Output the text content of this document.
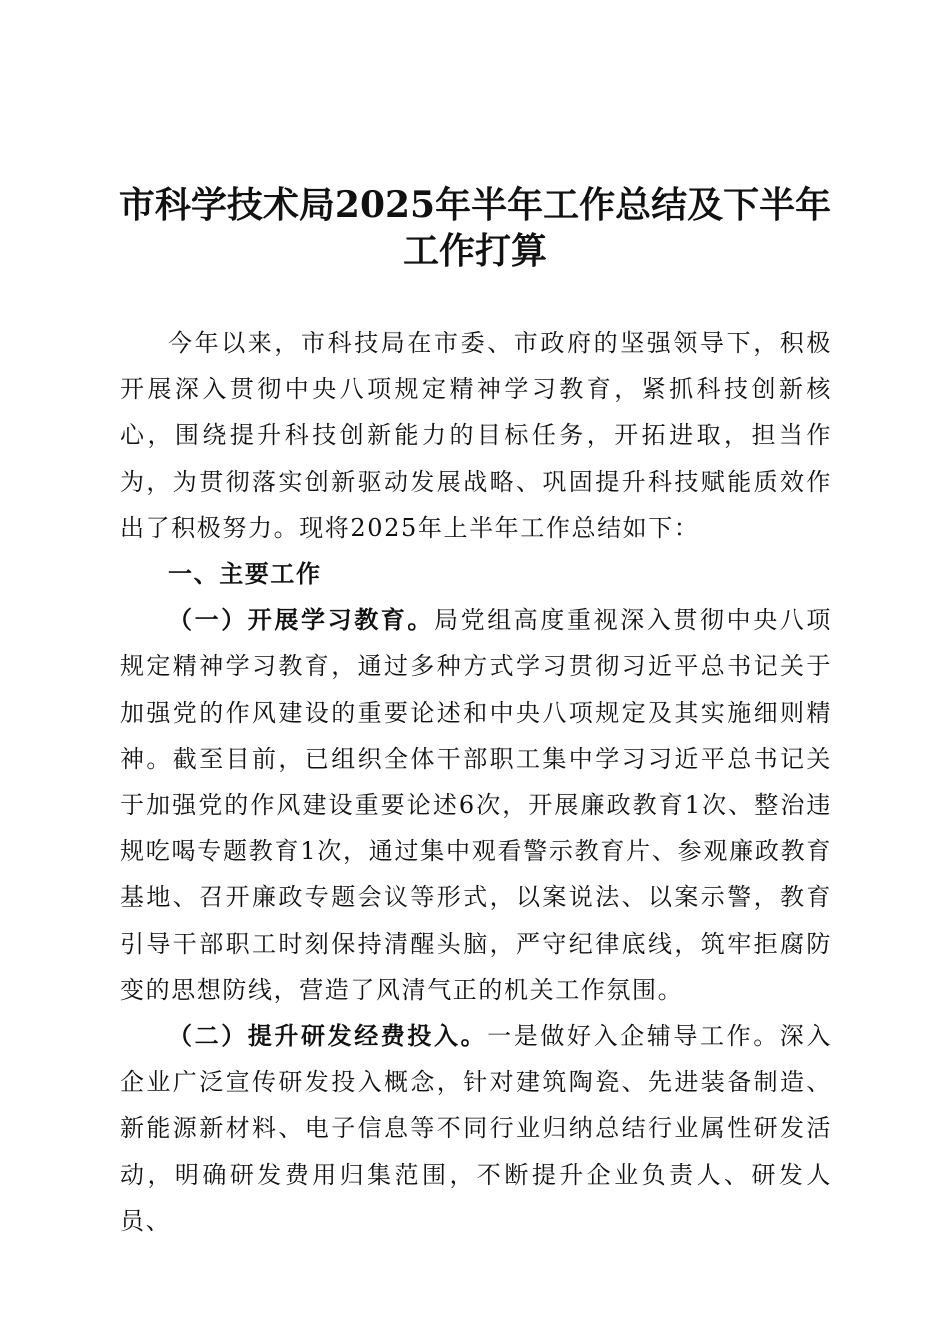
市科学技术局2025年半年工作总结及下半年
工作打算

今年以来，市科技局在市委、市政府的坚强领导下，积极开展深入贯彻中央八项规定精神学习教育，紧抓科技创新核心，围绕提升科技创新能力的目标任务，开拓进取，担当作为，为贯彻落实创新驱动发展战略、巩固提升科技赋能质效作出了积极努力。现将2025年上半年工作总结如下：

一、主要工作

（一）开展学习教育。局党组高度重视深入贯彻中央八项规定精神学习教育，通过多种方式学习贯彻习近平总书记关于加强党的作风建设的重要论述和中央八项规定及其实施细则精神。截至目前，已组织全体干部职工集中学习习近平总书记关于加强党的作风建设重要论述6次，开展廉政教育1次、整治违规吃喝专题教育1次，通过集中观看警示教育片、参观廉政教育基地、召开廉政专题会议等形式，以案说法、以案示警，教育引导干部职工时刻保持清醒头脑，严守纪律底线，筑牢拒腐防变的思想防线，营造了风清气正的机关工作氛围。

（二）提升研发经费投入。一是做好入企辅导工作。深入企业广泛宣传研发投入概念，针对建筑陶瓷、先进装备制造、新能源新材料、电子信息等不同行业归纳总结行业属性研发活动，明确研发费用归集范围，不断提升企业负责人、研发人员、
